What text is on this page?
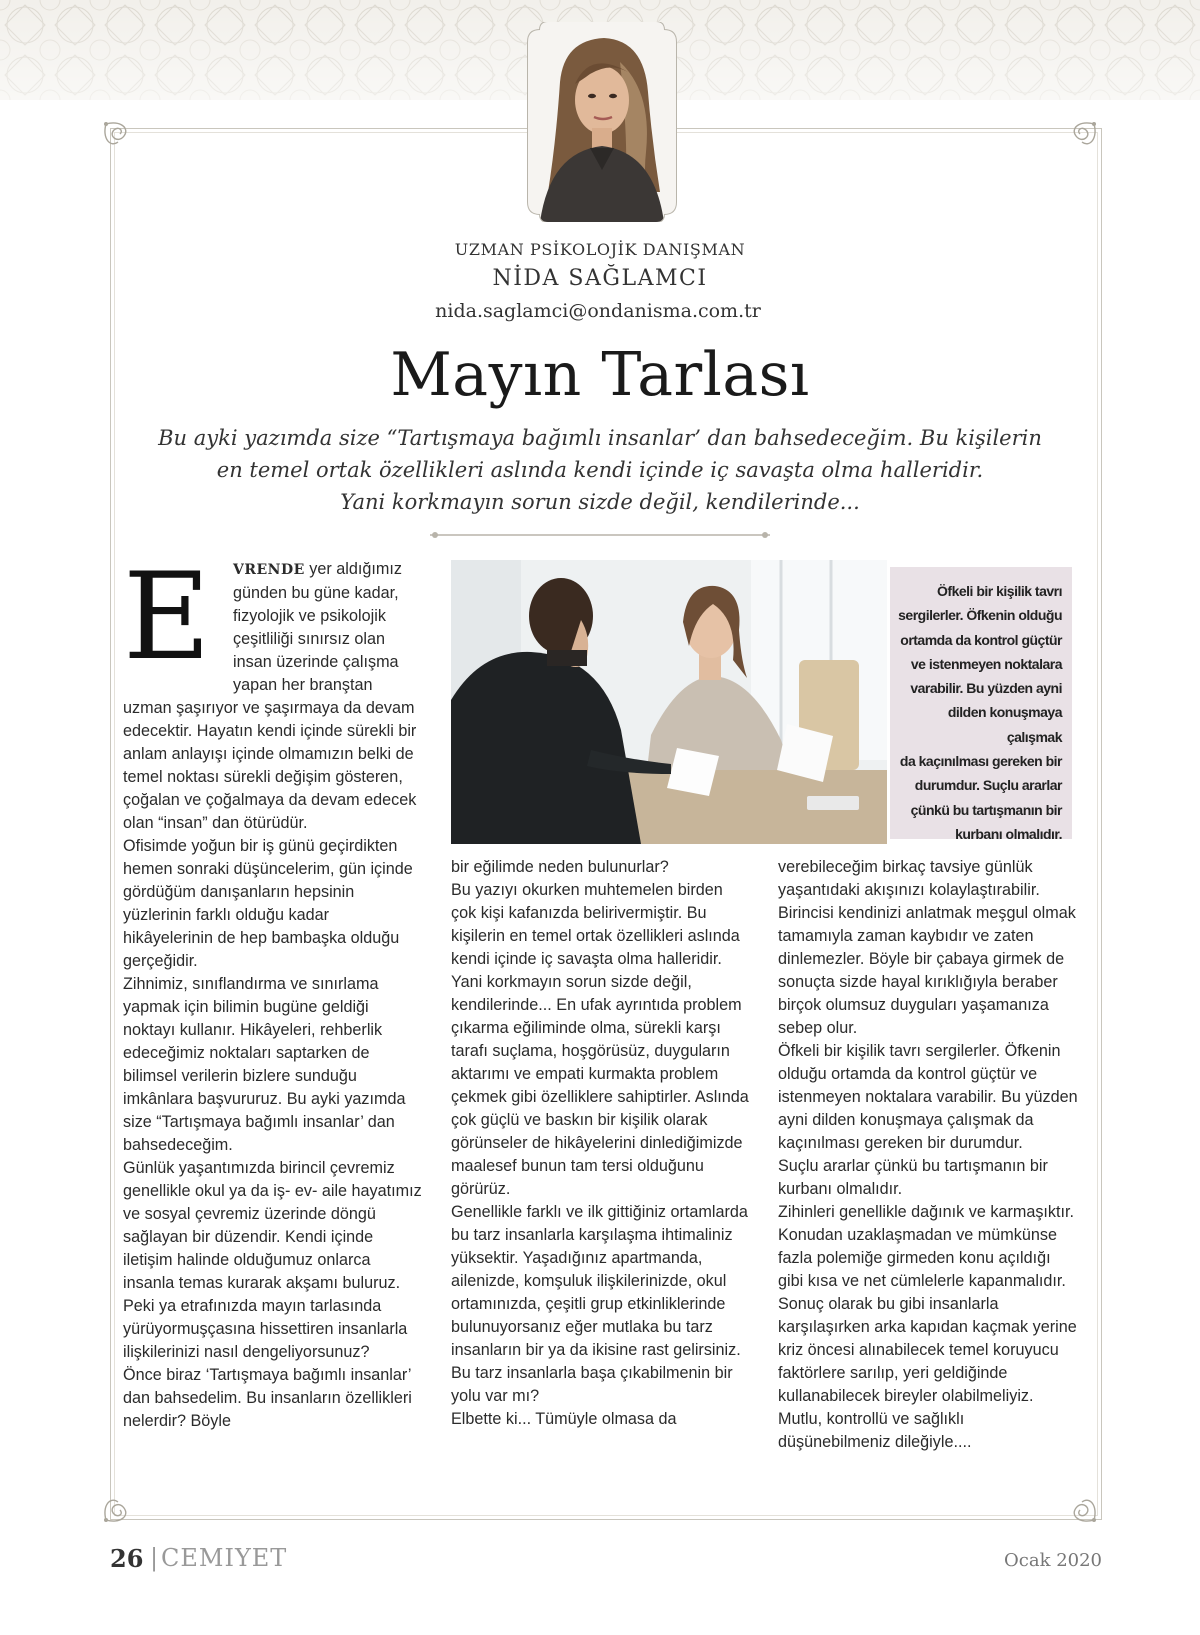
UZMAN PSİKOLOJİK DANIŞMAN
NİDA SAĞLAMCI
nida.saglamci@ondanisma.com.tr
Mayın Tarlası
Bu ayki yazımda size “Tartışmaya bağımlı insanlar’ dan bahsedeceğim. Bu kişilerin
en temel ortak özellikleri aslında kendi içinde iç savaşta olma halleridir.
Yani korkmayın sorun sizde değil, kendilerinde...

E	VRENDE yer aldığımız günden bu güne kadar, fizyolojik ve psikolojik çeşitliliği sınırsız olan insan üzerinde çalışma yapan her branştan uzman şaşırıyor ve şaşırmaya da devam edecektir. Hayatın kendi içinde sürekli bir anlam anlayışı içinde olmamızın belki de temel noktası sürekli değişim gösteren, çoğalan ve çoğalmaya da devam edecek olan “insan” dan ötürüdür.

Ofisimde yoğun bir iş günü geçirdikten hemen sonraki düşüncelerim, gün içinde gördüğüm danışanların hepsinin yüzlerinin farklı olduğu kadar hikâyelerinin de hep bambaşka olduğu gerçeğidir.

Zihnimiz, sınıflandırma ve sınırlama yapmak için bilimin bugüne geldiği noktayı kullanır. Hikâyeleri, rehberlik edeceğimiz noktaları saptarken de bilimsel verilerin bizlere sunduğu imkânlara başvururuz. Bu ayki yazımda size “Tartışmaya bağımlı insanlar’ dan bahsedeceğim.

Günlük yaşantımızda birincil çevremiz genellikle okul ya da iş- ev- aile hayatımız ve sosyal çevremiz üzerinde döngü sağlayan bir düzendir. Kendi içinde iletişim halinde olduğumuz onlarca insanla temas kurarak akşamı buluruz.

Peki ya etrafınızda mayın tarlasında yürüyormuşçasına hissettiren insanlarla ilişkilerinizi nasıl dengeliyorsunuz?

Önce biraz ‘Tartışmaya bağımlı insanlar’ dan bahsedelim. Bu insanların özellikleri nelerdir? Böyle

Öfkeli bir kişilik tavrı
sergilerler. Öfkenin olduğu
ortamda da kontrol güçtür
ve istenmeyen noktalara
varabilir. Bu yüzden ayni
dilden konuşmaya çalışmak
da kaçınılması gereken bir
durumdur. Suçlu ararlar
çünkü bu tartışmanın bir
kurbanı olmalıdır.

bir eğilimde neden bulunurlar?

Bu yazıyı okurken muhtemelen birden çok kişi kafanızda belirivermiştir. Bu kişilerin en temel ortak özellikleri aslında kendi içinde iç savaşta olma halleridir. Yani korkmayın sorun sizde değil, kendilerinde... En ufak ayrıntıda problem çıkarma eğiliminde olma, sürekli karşı tarafı suçlama, hoşgörüsüz, duyguların aktarımı ve empati kurmakta problem çekmek gibi özelliklere sahiptirler. Aslında çok güçlü ve baskın bir kişilik olarak görünseler de hikâyelerini dinlediğimizde maalesef bunun tam tersi olduğunu görürüz.

Genellikle farklı ve ilk gittiğiniz ortamlarda bu tarz insanlarla karşılaşma ihtimaliniz yüksektir. Yaşadığınız apartmanda, ailenizde, komşuluk ilişkilerinizde, okul ortamınızda, çeşitli grup etkinliklerinde bulunuyorsanız eğer mutlaka bu tarz insanların bir ya da ikisine rast gelirsiniz.

Bu tarz insanlarla başa çıkabilmenin bir yolu var mı?

Elbette ki... Tümüyle olmasa da

verebileceğim birkaç tavsiye günlük yaşantıdaki akışınızı kolaylaştırabilir.

Birincisi kendinizi anlatmak meşgul olmak tamamıyla zaman kaybıdır ve zaten dinlemezler. Böyle bir çabaya girmek de sonuçta sizde hayal kırıklığıyla beraber birçok olumsuz duyguları yaşamanıza sebep olur.

Öfkeli bir kişilik tavrı sergilerler. Öfkenin olduğu ortamda da kontrol güçtür ve istenmeyen noktalara varabilir. Bu yüzden ayni dilden konuşmaya çalışmak da kaçınılması gereken bir durumdur.

Suçlu ararlar çünkü bu tartışmanın bir kurbanı olmalıdır.

Zihinleri genellikle dağınık ve karmaşıktır. Konudan uzaklaşmadan ve mümkünse fazla polemiğe girmeden konu açıldığı gibi kısa ve net cümlelerle kapanmalıdır.

Sonuç olarak bu gibi insanlarla karşılaşırken arka kapıdan kaçmak yerine kriz öncesi alınabilecek temel koruyucu faktörlere sarılıp, yeri geldiğinde kullanabilecek bireyler olabilmeliyiz. Mutlu, kontrollü ve sağlıklı düşünebilmeniz dileğiyle....

26 | CEMIYET	Ocak 2020
